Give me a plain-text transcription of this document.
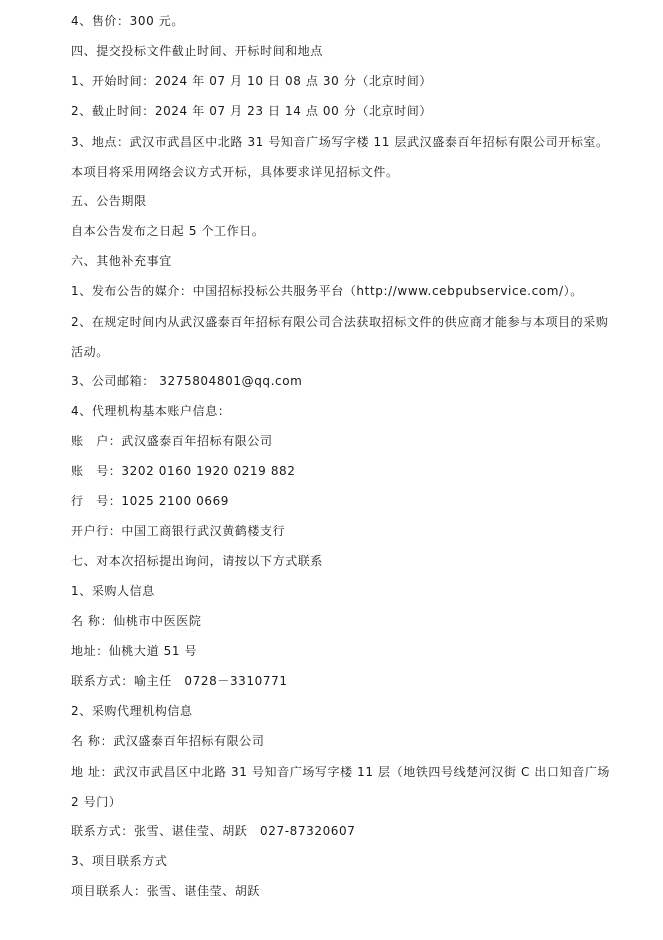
4、售价：300 元。
四、提交投标文件截止时间、开标时间和地点
1、开始时间：2024 年 07 月 10 日 08 点 30 分（北京时间）
2、截止时间：2024 年 07 月 23 日 14 点 00 分（北京时间）
3、地点：武汉市武昌区中北路 31 号知音广场写字楼 11 层武汉盛泰百年招标有限公司开标室。本项目将采用网络会议方式开标，具体要求详见招标文件。
五、公告期限
自本公告发布之日起 5 个工作日。
六、其他补充事宜
1、发布公告的媒介：中国招标投标公共服务平台（http://www.cebpubservice.com/）。
2、在规定时间内从武汉盛泰百年招标有限公司合法获取招标文件的供应商才能参与本项目的采购活动。
3、公司邮箱： 3275804801@qq.com
4、代理机构基本账户信息：
账　户：武汉盛泰百年招标有限公司
账　号：3202 0160 1920 0219 882
行　号：1025 2100 0669
开户行：中国工商银行武汉黄鹤楼支行
七、对本次招标提出询问，请按以下方式联系
1、采购人信息
名 称：仙桃市中医医院
地址：仙桃大道 51 号
联系方式：喻主任　0728－3310771
2、采购代理机构信息
名 称：武汉盛泰百年招标有限公司
地 址：武汉市武昌区中北路 31 号知音广场写字楼 11 层（地铁四号线楚河汉街 C 出口知音广场 2 号门）
联系方式：张雪、谌佳莹、胡跃　027-87320607
3、项目联系方式
项目联系人：张雪、谌佳莹、胡跃
